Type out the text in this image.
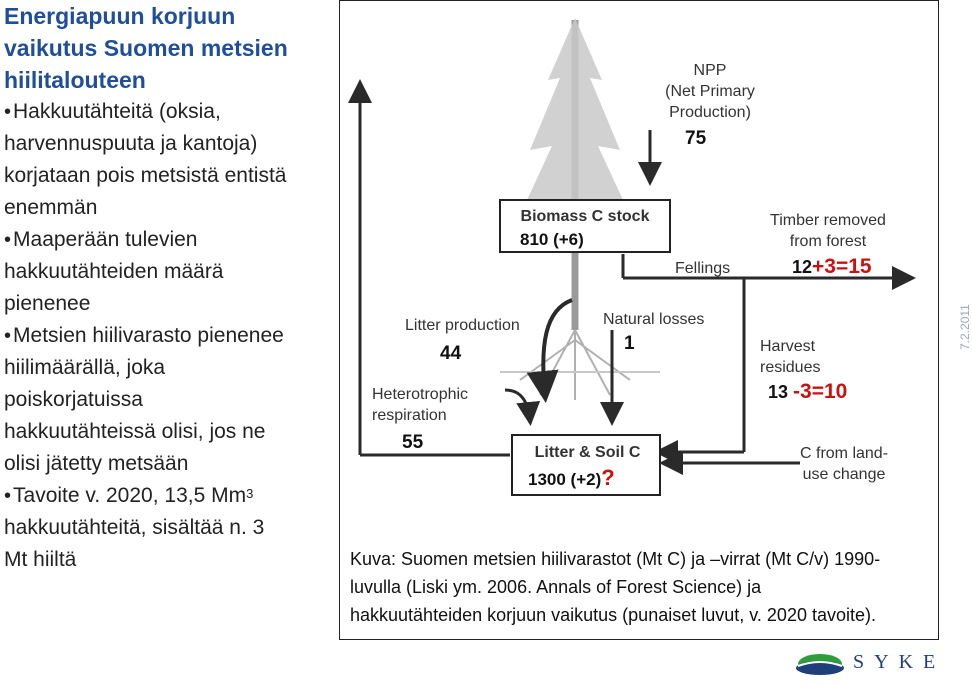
Energiapuun korjuun
vaikutus Suomen metsien
hiilitalouteen
•Hakkuutähteitä (oksia,
harvennuspuuta ja kantoja)
korjataan pois metsistä entistä
enemmän
•Maaperään tulevien
hakkuutähteiden määrä
pienenee
•Metsien hiilivarasto pienenee
hiilimäärällä, joka
poiskorjatuissa
hakkuutähteissä olisi, jos ne
olisi jätetty metsään
•Tavoite v. 2020, 13,5 Mm$^3$
hakkuutähteitä, sisältää n. 3
Mt hiiltä
NPP
(Net Primary
Production)
75
Biomass C stock
810 (+6)
Timber removed
from forest
Fellings	12+3=15
Litter production
44
Natural losses
1	Harvest
residues
13 -3=10
Heterotrophic
respiration
55	Litter & Soil C
1300 (+2)?
C from land-
use change
7.2.2011
Kuva: Suomen metsien hiilivarastot (Mt C) ja –virrat (Mt C/v) 1990-
luvulla (Liski ym. 2006. Annals of Forest Science) ja
hakkuutähteiden korjuun vaikutus (punaiset luvut, v. 2020 tavoite).
SYKE
